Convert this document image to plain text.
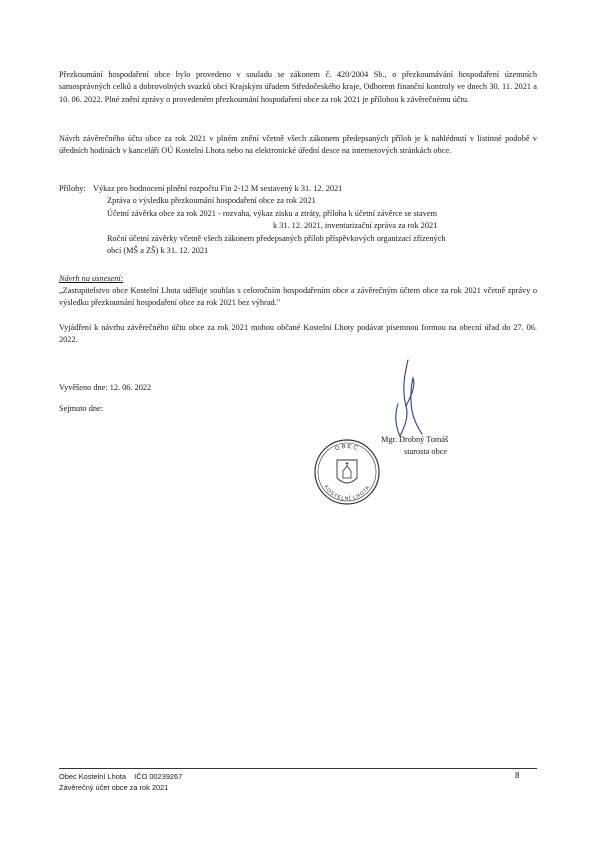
Přezkoumání hospodaření obce bylo provedeno v souladu se zákonem č. 420/2004 Sb., o přezkoumávání hospodaření územních samosprávných celků a dobrovolných svazků obcí Krajským úřadem Středočeského kraje, Odborem finanční kontroly ve dnech 30. 11. 2021 a 10. 06. 2022. Plné znění zprávy o provedeném přezkoumání hospodaření obce za rok 2021 je přílohou k závěrečnému účtu.

Návrh závěrečného účtu obce za rok 2021 v plném znění včetně všech zákonem předepsaných příloh je k nahlédnutí v listinné podobě v úředních hodinách v kanceláři OÚ Kostelní Lhota nebo na elektronické úřední desce na internetových stránkách obce.

Přílohy: Výkaz pro hodnocení plnění rozpočtu Fin 2-12 M sestavený k 31. 12. 2021

Zpráva o výsledku přezkoumání hospodaření obce za rok 2021

Účetní závěrka obce za rok 2021 - rozvaha, výkaz zisku a ztráty, příloha k účetní závěrce se stavem

k 31. 12. 2021, inventarizační zpráva za rok 2021

Roční účetní závěrky včetně všech zákonem předepsaných příloh příspěvkových organizací zřízených

obcí (MŠ a ZŠ) k 31. 12. 2021

Návrh na usnesení:

„Zastupitelstvo obce Kostelní Lhota uděluje souhlas s celoročním hospodařením obce a závěrečným účtem obce za rok 2021 včetně zprávy o výsledku přezkoumání hospodaření obce za rok 2021 bez výhrad."

Vyjádření k návrhu závěrečného účtu obce za rok 2021 mohou občané Kostelní Lhoty podávat písemnou formou na obecní úřad do 27. 06. 2022.

Vyvěšeno dne: 12. 06. 2022

Sejmuto dne:

Mgr. Drobný Tomáš
starosta obce
OBEC
KOSTELNÍ LHOTA
Obec Kostelní Lhota    IČO 00239267
Závěrečný účet obce za rok 2021
8
